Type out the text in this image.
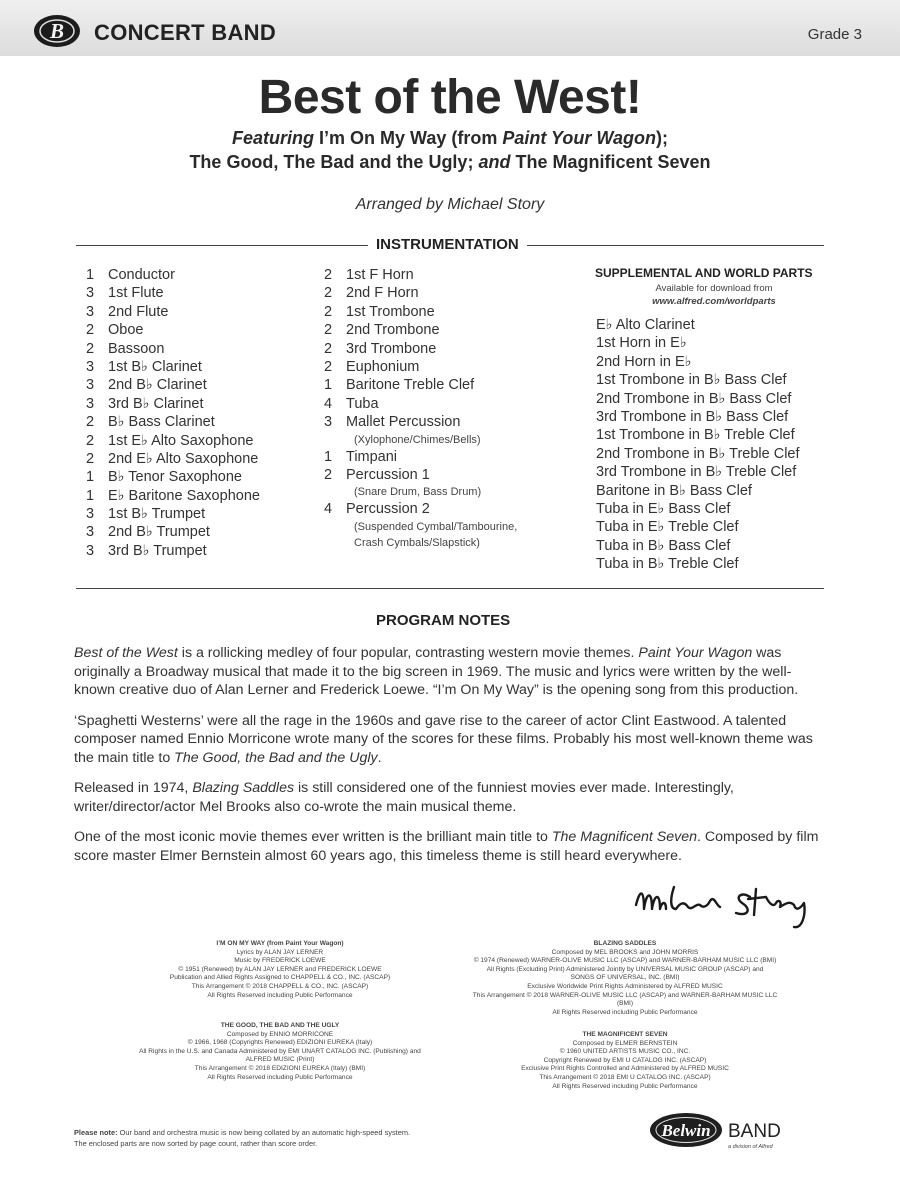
B CONCERT BAND	Grade 3
Best of the West!
Featuring I’m On My Way (from Paint Your Wagon);
The Good, The Bad and the Ugly; and The Magnificent Seven
Arranged by Michael Story
INSTRUMENTATION
1 Conductor
3 1st Flute
3 2nd Flute
2 Oboe
2 Bassoon
3 1st B♭ Clarinet
3 2nd B♭ Clarinet
3 3rd B♭ Clarinet
2 B♭ Bass Clarinet
2 1st E♭ Alto Saxophone
2 2nd E♭ Alto Saxophone
1 B♭ Tenor Saxophone
1 E♭ Baritone Saxophone
3 1st B♭ Trumpet
3 2nd B♭ Trumpet
3 3rd B♭ Trumpet
2 1st F Horn
2 2nd F Horn
2 1st Trombone
2 2nd Trombone
2 3rd Trombone
2 Euphonium
1 Baritone Treble Clef
4 Tuba
3 Mallet Percussion
(Xylophone/Chimes/Bells)
1 Timpani
2 Percussion 1
(Snare Drum, Bass Drum)
4 Percussion 2
(Suspended Cymbal/Tambourine,
Crash Cymbals/Slapstick)
SUPPLEMENTAL AND WORLD PARTS
Available for download from
www.alfred.com/worldparts
E♭ Alto Clarinet
1st Horn in E♭
2nd Horn in E♭
1st Trombone in B♭ Bass Clef
2nd Trombone in B♭ Bass Clef
3rd Trombone in B♭ Bass Clef
1st Trombone in B♭ Treble Clef
2nd Trombone in B♭ Treble Clef
3rd Trombone in B♭ Treble Clef
Baritone in B♭ Bass Clef
Tuba in E♭ Bass Clef
Tuba in E♭ Treble Clef
Tuba in B♭ Bass Clef
Tuba in B♭ Treble Clef
PROGRAM NOTES

Best of the West is a rollicking medley of four popular, contrasting western movie themes. Paint Your Wagon was originally a Broadway musical that made it to the big screen in 1969. The music and lyrics were written by the well-known creative duo of Alan Lerner and Frederick Loewe. “I’m On My Way” is the opening song from this production.

‘Spaghetti Westerns’ were all the rage in the 1960s and gave rise to the career of actor Clint Eastwood. A talented composer named Ennio Morricone wrote many of the scores for these films. Probably his most well-known theme was the main title to The Good, the Bad and the Ugly.

Released in 1974, Blazing Saddles is still considered one of the funniest movies ever made. Interestingly, writer/director/actor Mel Brooks also co-wrote the main musical theme.

One of the most iconic movie themes ever written is the brilliant main title to The Magnificent Seven. Composed by film score master Elmer Bernstein almost 60 years ago, this timeless theme is still heard everywhere.

I’M ON MY WAY (from Paint Your Wagon)
Lyrics by ALAN JAY LERNER
Music by FREDERICK LOEWE
© 1951 (Renewed) by ALAN JAY LERNER and FREDERICK LOEWE
Publication and Allied Rights Assigned to CHAPPELL & CO., INC. (ASCAP)
This Arrangement © 2018 CHAPPELL & CO., INC. (ASCAP)
All Rights Reserved including Public Performance
THE GOOD, THE BAD AND THE UGLY
Composed by ENNIO MORRICONE
© 1966, 1968 (Copyrights Renewed) EDIZIONI EUREKA (Italy)
All Rights in the U.S. and Canada Administered by EMI UNART CATALOG INC. (Publishing) and
ALFRED MUSIC (Print)
This Arrangement © 2018 EDIZIONI EUREKA (Italy) (BMI)
All Rights Reserved including Public Performance
BLAZING SADDLES
Composed by MEL BROOKS and JOHN MORRIS
© 1974 (Renewed) WARNER-OLIVE MUSIC LLC (ASCAP) and WARNER-BARHAM MUSIC LLC (BMI)
All Rights (Excluding Print) Administered Jointly by UNIVERSAL MUSIC GROUP (ASCAP) and
SONGS OF UNIVERSAL, INC. (BMI)
Exclusive Worldwide Print Rights Administered by ALFRED MUSIC
This Arrangement © 2018 WARNER-OLIVE MUSIC LLC (ASCAP) and WARNER-BARHAM MUSIC LLC (BMI)
All Rights Reserved including Public Performance
THE MAGNIFICENT SEVEN
Composed by ELMER BERNSTEIN
© 1960 UNITED ARTISTS MUSIC CO., INC.
Copyright Renewed by EMI U CATALOG INC. (ASCAP)
Exclusive Print Rights Controlled and Administered by ALFRED MUSIC
This Arrangement © 2018 EMI U CATALOG INC. (ASCAP)
All Rights Reserved including Public Performance
Please note: Our band and orchestra music is now being collated by an automatic high-speed system.
The enclosed parts are now sorted by page count, rather than score order.
Belwin BAND
a division of Alfred
